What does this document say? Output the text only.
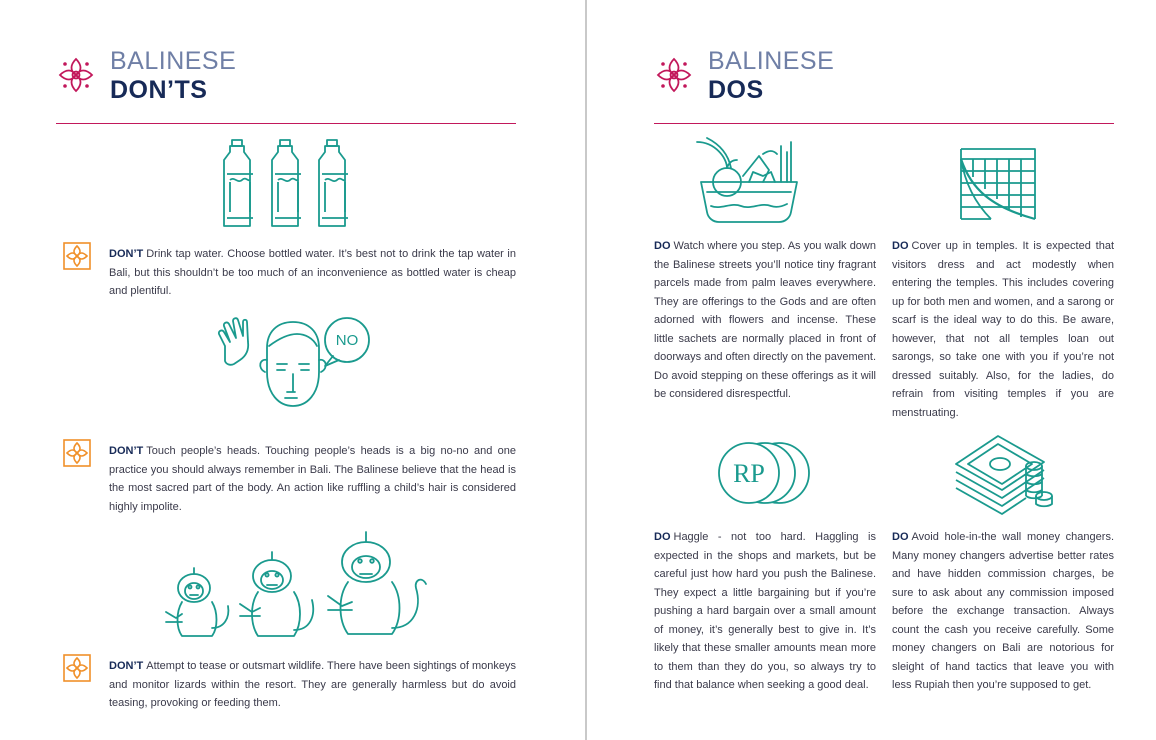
BALINESE
DON’TS
DON’T Drink tap water. Choose bottled water. It’s best not to drink the tap water in Bali, but this shouldn’t be too much of an inconvenience as bottled water is cheap and plentiful.
NO
DON’T Touch people’s heads. Touching people’s heads is a big no-no and one practice you should always remember in Bali. The Balinese believe that the head is the most sacred part of the body. An action like ruffling a child’s hair is considered highly impolite.
DON’T Attempt to tease or outsmart wildlife. There have been sightings of monkeys and monitor lizards within the resort. They are generally harmless but do avoid teasing, provoking or feeding them.
BALINESE
DOS
DO Watch where you step. As you walk down the Balinese streets you’ll notice tiny fragrant parcels made from palm leaves everywhere. They are offerings to the Gods and are often adorned with flowers and incense. These little sachets are normally placed in front of doorways and often directly on the pavement. Do avoid stepping on these offerings as it will be considered disrespectful.
DO Cover up in temples. It is expected that visitors dress and act modestly when entering the temples. This includes covering up for both men and women, and a sarong or scarf is the ideal way to do this. Be aware, however, that not all temples loan out sarongs, so take one with you if you’re not dressed suitably. Also, for the ladies, do refrain from visiting temples if you are menstruating.
RP
DO Haggle - not too hard. Haggling is expected in the shops and markets, but be careful just how hard you push the Balinese. They expect a little bargaining but if you’re pushing a hard bargain over a small amount of money, it’s generally best to give in. It’s likely that these smaller amounts mean more to them than they do you, so always try to find that balance when seeking a good deal.
DO Avoid hole-in-the wall money changers. Many money changers advertise better rates and have hidden commission charges, be sure to ask about any commission imposed before the exchange transaction. Always count the cash you receive carefully. Some money changers on Bali are notorious for sleight of hand tactics that leave you with less Rupiah then you’re supposed to get.
